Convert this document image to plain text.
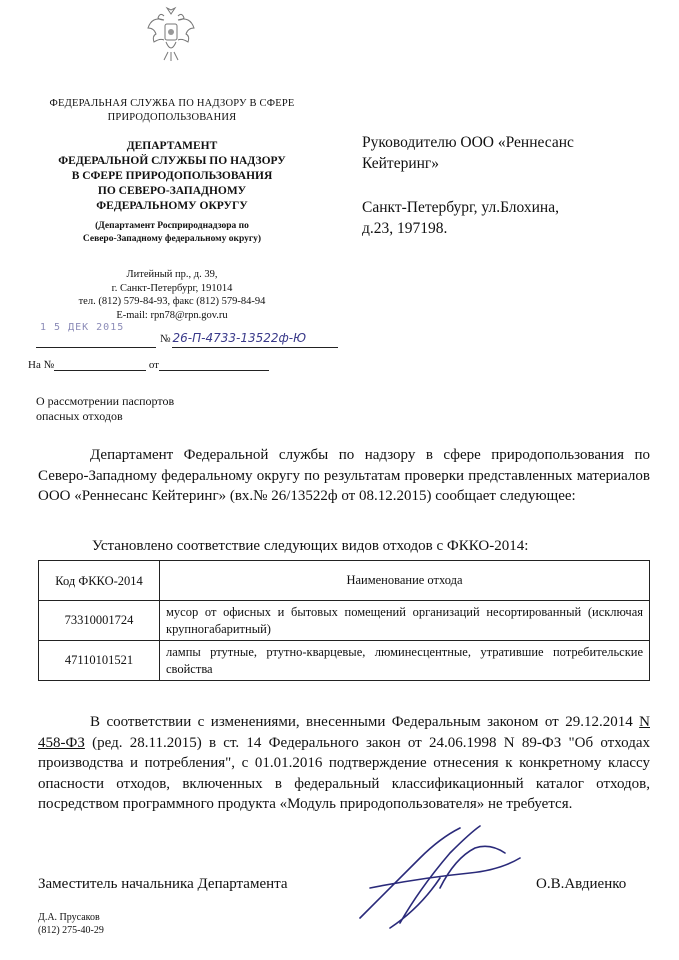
ФЕДЕРАЛЬНАЯ СЛУЖБА ПО НАДЗОРУ В СФЕРЕ
ПРИРОДОПОЛЬЗОВАНИЯ
ДЕПАРТАМЕНТ
ФЕДЕРАЛЬНОЙ СЛУЖБЫ ПО НАДЗОРУ
В СФЕРЕ ПРИРОДОПОЛЬЗОВАНИЯ
ПО СЕВЕРО-ЗАПАДНОМУ
ФЕДЕРАЛЬНОМУ ОКРУГУ
(Департамент Росприроднадзора по
Северо-Западному федеральному округу)
Литейный пр., д. 39,
г. Санкт-Петербург, 191014
тел. (812) 579-84-93, факс (812) 579-84-94
E-mail: rpn78@rpn.gov.ru
1 5 ДЕК 2015
№ 26-П-4733-13522ф-Ю
На №	от
Руководителю ООО «Реннесанс
Кейтеринг»
Санкт-Петербург, ул.Блохина,
д.23, 197198.
О рассмотрении паспортов
опасных отходов
Департамент Федеральной службы по надзору в сфере природопользования по Северо-Западному федеральному округу по результатам проверки представленных материалов ООО «Реннесанс Кейтеринг» (вх.№ 26/13522ф от 08.12.2015) сообщает следующее:
Установлено соответствие следующих видов отходов с ФККО-2014:
Код ФККО-2014	Наименование отхода
73310001724	мусор от офисных и бытовых помещений организаций несортированный (исключая крупногабаритный)
47110101521	лампы ртутные, ртутно-кварцевые, люминесцентные, утратившие потребительские свойства
В соответствии с изменениями, внесенными Федеральным законом от 29.12.2014 N 458-ФЗ (ред. 28.11.2015) в ст. 14 Федерального закон от 24.06.1998 N 89-ФЗ "Об отходах производства и потребления", с 01.01.2016 подтверждение отнесения к конкретному классу опасности отходов, включенных в федеральный классификационный каталог отходов, посредством программного продукта «Модуль природопользователя» не требуется.
Заместитель начальника Департамента	О.В.Авдиенко
Д.А. Прусаков
(812) 275-40-29
